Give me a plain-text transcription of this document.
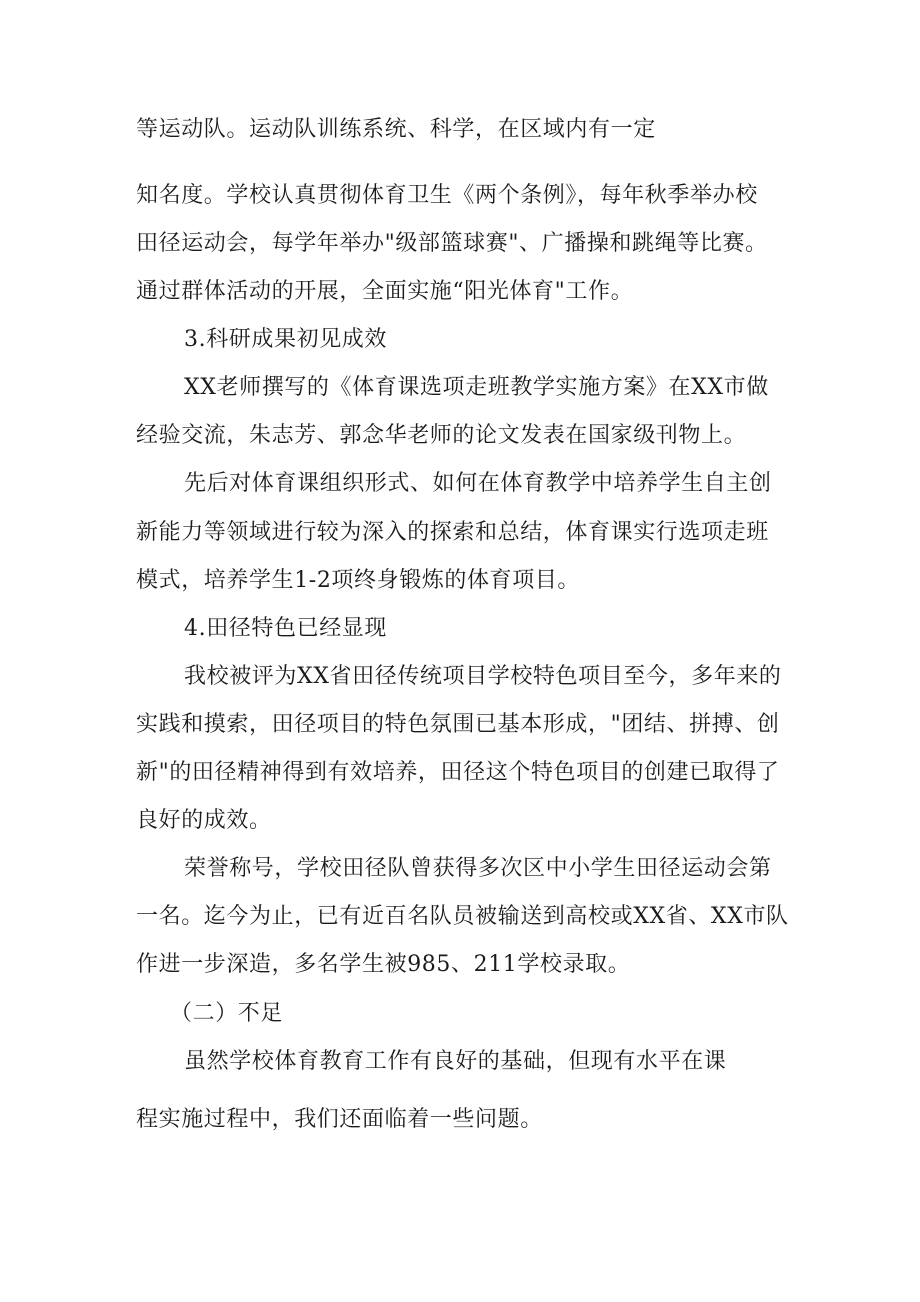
等运动队。运动队训练系统、科学，在区域内有一定
知名度。学校认真贯彻体育卫生《两个条例》，每年秋季举办校
田径运动会，每学年举办"级部篮球赛"、广播操和跳绳等比赛。
通过群体活动的开展，全面实施“阳光体育"工作。
3.科研成果初见成效
XX老师撰写的《体育课选项走班教学实施方案》在XX市做
经验交流，朱志芳、郭念华老师的论文发表在国家级刊物上。
先后对体育课组织形式、如何在体育教学中培养学生自主创
新能力等领域进行较为深入的探索和总结，体育课实行选项走班
模式，培养学生1-2项终身锻炼的体育项目。
4.田径特色已经显现
我校被评为XX省田径传统项目学校特色项目至今，多年来的
实践和摸索，田径项目的特色氛围已基本形成，"团结、拼搏、创
新"的田径精神得到有效培养，田径这个特色项目的创建已取得了
良好的成效。
荣誉称号，学校田径队曾获得多次区中小学生田径运动会第
一名。迄今为止，已有近百名队员被输送到高校或XX省、XX市队
作进一步深造，多名学生被985、211学校录取。
（二）不足
虽然学校体育教育工作有良好的基础，但现有水平在课
程实施过程中，我们还面临着一些问题。
